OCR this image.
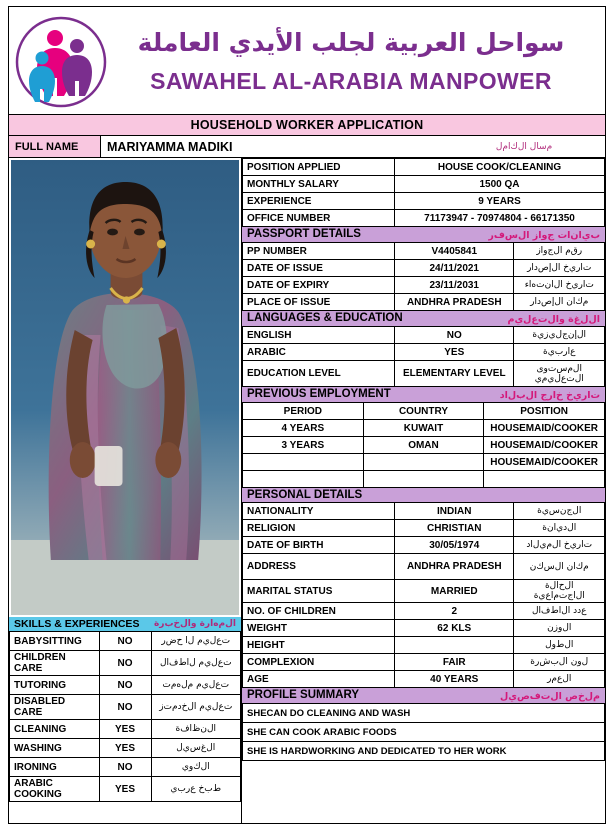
سواحل العربية لجلب الأيدي العاملة
SAWAHEL AL-ARABIA MANPOWER
HOUSEHOLD WORKER APPLICATION
FULL NAME	MARIYAMMA MADIKI	ﻡﺳﺎﻝ ﺍﻝﻙﺍﻡﻝ
SKILLS & EXPERIENCES ﺍﻝﻡﻩﺍﺭﺓ ﻭﺍﻝﺥﺏﺭﺓ
BABYSITTING	NO	ﺕﻉﻝﻱﻡ ﻝﺍ ﺡﺽﺭ
CHILDREN CARE	NO	ﺕﻉﻝﻱﻡ ﻝﺍﻁﻑﺍﻝ
TUTORING	NO	ﺕﻉﻝﻱﻡ ﻡﻝﻩﻡﺕ
DISABLED CARE	NO	ﺕﻉﻝﻱﻡ ﺍﻝﺥﺩﻡﺕﺯ
CLEANING	YES	ﺍﻝﻥﻅﺍﻑﺓ
WASHING	YES	ﺍﻝﻍﺱﻱﻝ
IRONING	NO	ﺍﻝﻙﻭﻱ
ARABIC COOKING	YES	ﻁﺏﺥ ﻉﺭﺏﻱ
POSITION APPLIED	HOUSE COOK/CLEANING
MONTHLY SALARY	1500 QA
EXPERIENCE	9 YEARS
OFFICE NUMBER	71173947 - 70974804 - 66171350
PASSPORT DETAILS	ﺏﻱﺍﻥﺍﺕ ﺝﻭﺍﺯ ﺍﻝﺱﻑﺭ
PP NUMBER	V4405841	ﺭﻕﻡ ﺍﻝﺝﻭﺍﺯ
DATE OF ISSUE	24/11/2021	ﺕﺍﺭﻱﺥ ﺍﻝﺇﺹﺩﺍﺭ
DATE OF EXPIRY	23/11/2031	ﺕﺍﺭﻱﺥ ﺍﻝﺍﻥﺕﻩﺍﺀ
PLACE OF ISSUE	ANDHRA PRADESH	ﻡﻙﺍﻥ ﺍﻝﺇﺹﺩﺍﺭ
LANGUAGES & EDUCATION	ﺍﻝﻝﻍﺓ ﻭﺍﻝﺕﻉﻝﻱﻡ
ENGLISH	NO	ﺍﻝﺇﻥﺝﻝﻱﺯﻱﺓ
ARABIC	YES	ﻉﺍﺭﺏﻱﺓ
EDUCATION LEVEL	ELEMENTARY LEVEL	ﺍﻝﻡﺱﺕﻭﻯ ﺍﻝﺕﻉﻝﻱﻡﻱ
PREVIOUS EMPLOYMENT	ﺕﺍﺭﻱﺥ ﺥﺍﺭﺝ ﺍﻝﺏﻝﺍﺩ
PERIOD	COUNTRY	POSITION
4 YEARS	KUWAIT	HOUSEMAID/COOKER
3 YEARS	OMAN	HOUSEMAID/COOKER
		HOUSEMAID/COOKER

PERSONAL DETAILS
NATIONALITY	INDIAN	ﺍﻝﺝﻥﺱﻱﺓ
RELIGION	CHRISTIAN	ﺍﻝﺩﻱﺍﻥﺓ
DATE OF BIRTH	30/05/1974	ﺕﺍﺭﻱﺥ ﺍﻝﻡﻱﻝﺍﺩ
ADDRESS	ANDHRA PRADESH	ﻡﻙﺍﻥ ﺍﻝﺱﻙﻥ
MARITAL STATUS	MARRIED	ﺍﻝﺡﺍﻝﺓ ﺍﻝﺍﺝﺕﻡﺍﻉﻱﺓ
NO. OF CHILDREN	2	ﻉﺩﺩ ﺍﻝﺍﻁﻑﺍﻝ
WEIGHT	62 KLS	ﺍﻝﻭﺯﻥ
HEIGHT		ﺍﻝﻁﻭﻝ
COMPLEXION	FAIR	ﻝﻭﻥ ﺍﻝﺏﺵﺭﺓ
AGE	40 YEARS	ﺍﻝﻉﻡﺭ
PROFILE SUMMARY	ﻡﻝﺥﺹ ﺍﻝﺕﻑﺹﻱﻝ
SHECAN DO CLEANING AND WASH
SHE CAN COOK ARABIC FOODS
SHE IS HARDWORKING AND DEDICATED TO HER WORK
